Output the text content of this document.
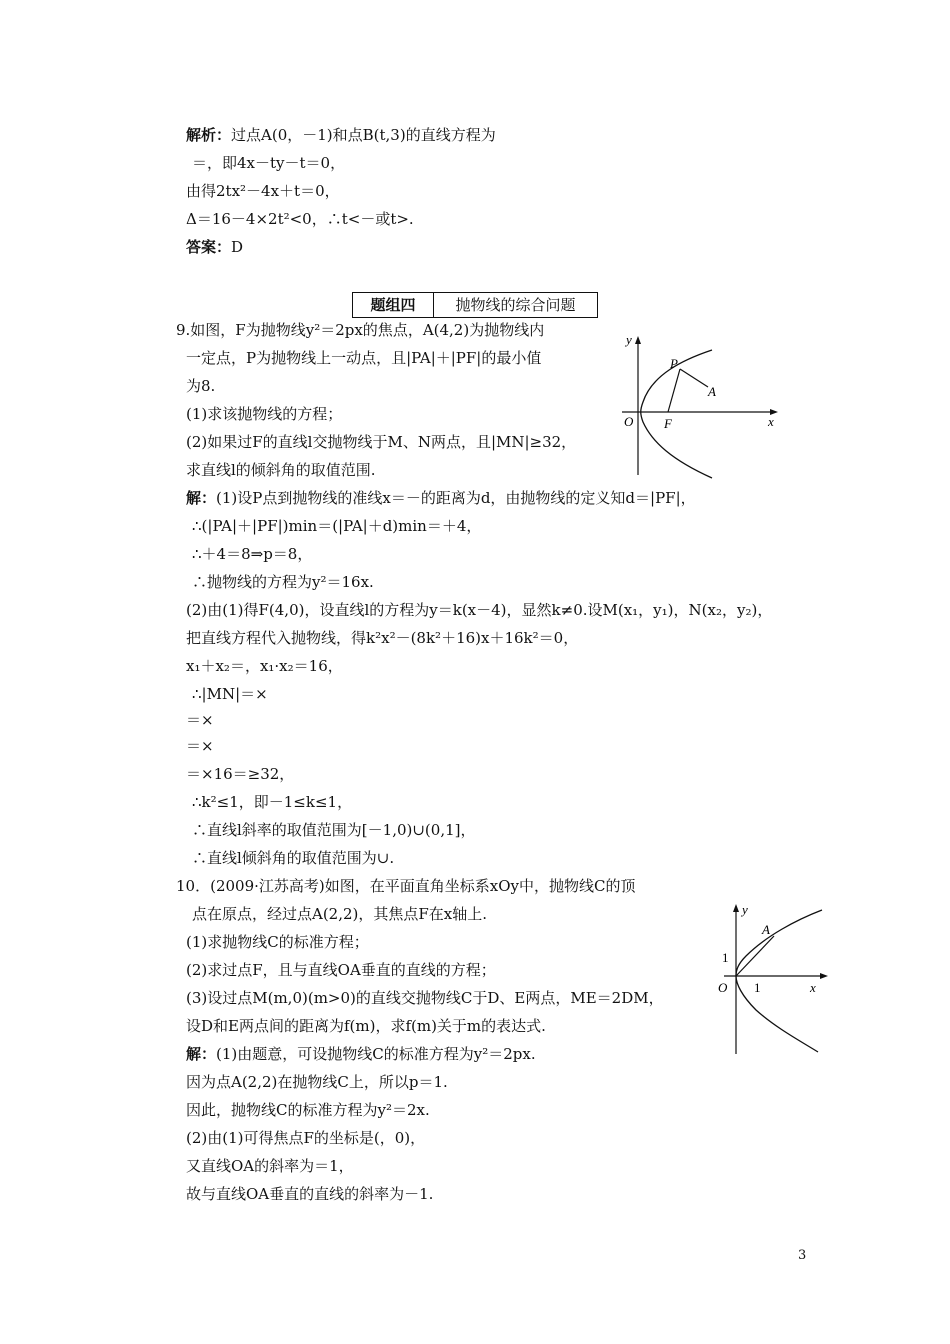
解析：过点A(0，－1)和点B(t,3)的直线方程为
＝，即4x－ty－t＝0，
由得2tx²－4x＋t＝0，
Δ＝16－4×2t²<0，∴t<－或t>.
答案：D
题组四	抛物线的综合问题
9.如图，F为抛物线y²＝2px的焦点，A(4,2)为抛物线内
一定点，P为抛物线上一动点，且|PA|＋|PF|的最小值
为8.
(1)求该抛物线的方程；
(2)如果过F的直线l交抛物线于M、N两点，且|MN|≥32，
求直线l的倾斜角的取值范围.
解：(1)设P点到抛物线的准线x＝－的距离为d，由抛物线的定义知d＝|PF|，
∴(|PA|＋|PF|)min＝(|PA|＋d)min＝＋4，
∴＋4＝8⇒p＝8，
∴抛物线的方程为y²＝16x.
(2)由(1)得F(4,0)，设直线l的方程为y＝k(x－4)，显然k≠0.设M(x₁，y₁)，N(x₂，y₂)，
把直线方程代入抛物线，得k²x²－(8k²＋16)x＋16k²＝0，
x₁＋x₂＝，x₁·x₂＝16，
∴|MN|＝×
＝×
＝×
＝×16＝≥32，
∴k²≤1，即－1≤k≤1，
∴直线l斜率的取值范围为[－1,0)∪(0,1]，
∴直线l倾斜角的取值范围为∪.
y
x
O F
P
A
10．(2009·江苏高考)如图，在平面直角坐标系xOy中，抛物线C的顶
点在原点，经过点A(2,2)，其焦点F在x轴上.
(1)求抛物线C的标准方程；
(2)求过点F，且与直线OA垂直的直线的方程；
(3)设过点M(m,0)(m>0)的直线交抛物线C于D、E两点，ME＝2DM，
设D和E两点间的距离为f(m)，求f(m)关于m的表达式.
解：(1)由题意，可设抛物线C的标准方程为y²＝2px.
因为点A(2,2)在抛物线C上，所以p＝1.
因此，抛物线C的标准方程为y²＝2x.
(2)由(1)可得焦点F的坐标是(，0)，
又直线OA的斜率为＝1，
故与直线OA垂直的直线的斜率为－1.
y
x
O
A
1
1
3
